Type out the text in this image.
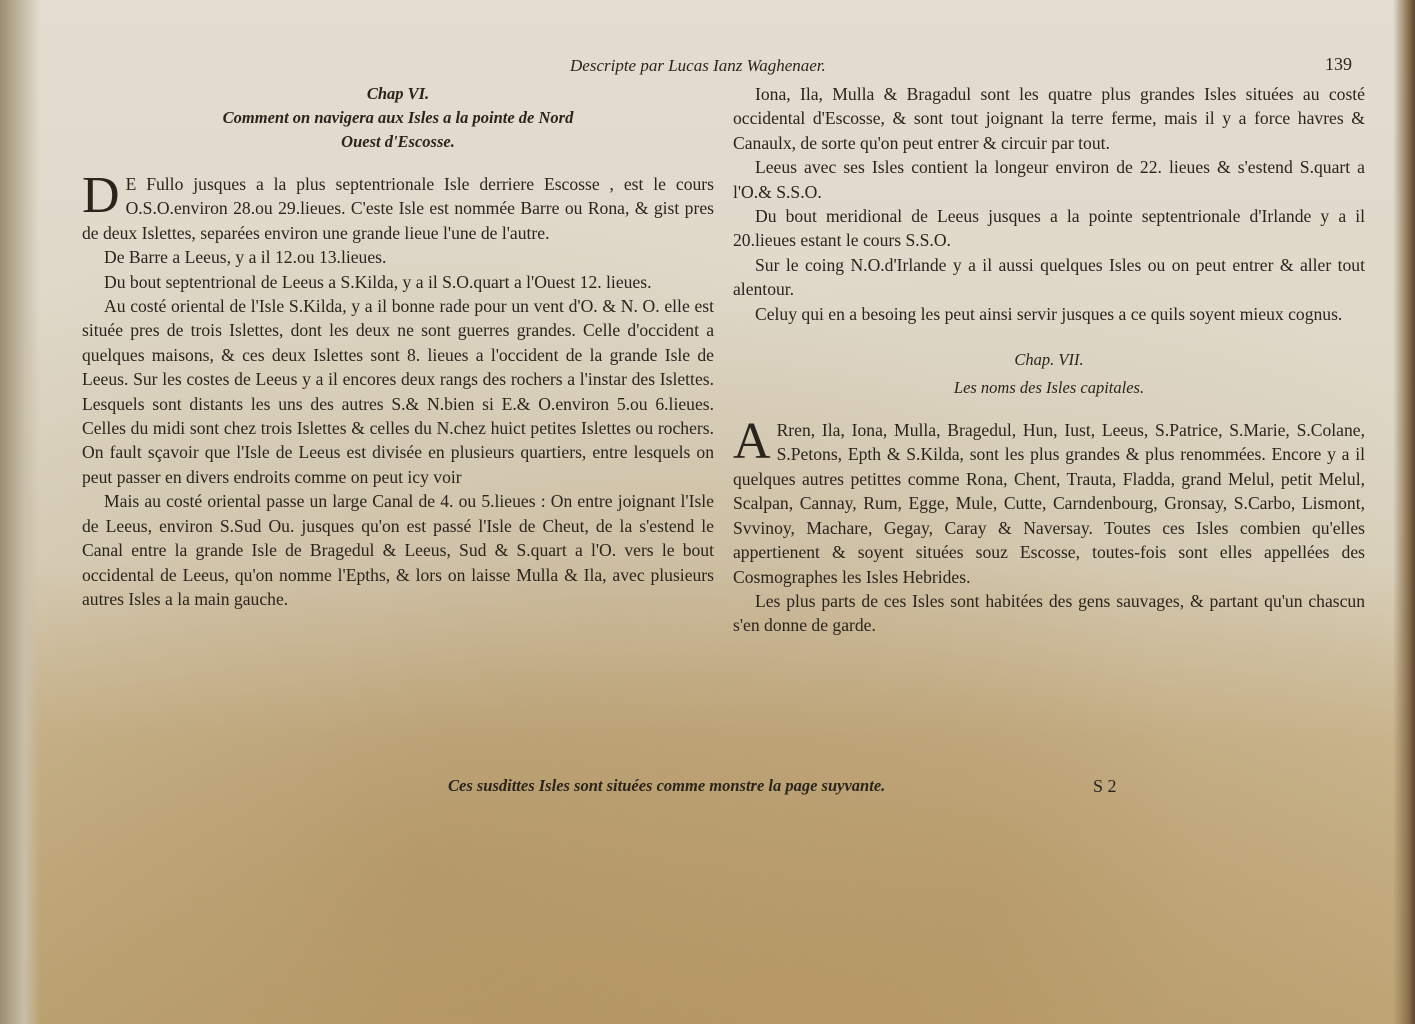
Descripte par Lucas Ianz Waghenaer.	139

Chap VI.

Comment on navigera aux Isles a la pointe de Nord

Ouest d'Escosse.

D E Fullo jusques a la plus septentrionale Isle derriere Escosse , est le cours O.S.O.environ 28.ou 29.lieues. C'este Isle est nommée Barre ou Rona, & gist pres de deux Islettes, separées environ une grande lieue l'une de l'autre.

De Barre a Leeus, y a il 12.ou 13.lieues.

Du bout septentrional de Leeus a S.Kilda, y a il S.O.quart a l'Ouest 12. lieues.

Au costé oriental de l'Isle S.Kilda, y a il bonne rade pour un vent d'O. & N. O. elle est située pres de trois Islettes, dont les deux ne sont guerres grandes. Celle d'occident a quelques maisons, & ces deux Islettes sont 8. lieues a l'occident de la grande Isle de Leeus. Sur les costes de Leeus y a il encores deux rangs des rochers a l'instar des Islettes. Lesquels sont distants les uns des autres S.& N.bien si E.& O.environ 5.ou 6.lieues. Celles du midi sont chez trois Islettes & celles du N.chez huict petites Islettes ou rochers. On fault sçavoir que l'Isle de Leeus est divisée en plusieurs quartiers, entre lesquels on peut passer en divers endroits comme on peut icy voir

Mais au costé oriental passe un large Canal de 4. ou 5.lieues : On entre joignant l'Isle de Leeus, environ S.Sud Ou. jusques qu'on est passé l'Isle de Cheut, de la s'estend le Canal entre la grande Isle de Bragedul & Leeus, Sud & S.quart a l'O. vers le bout occidental de Leeus, qu'on nomme l'Epths, & lors on laisse Mulla & Ila, avec plusieurs autres Isles a la main gauche.

Iona, Ila, Mulla & Bragadul sont les quatre plus grandes Isles situées au costé occidental d'Escosse, & sont tout joignant la terre ferme, mais il y a force havres & Canaulx, de sorte qu'on peut entrer & circuir par tout.

Leeus avec ses Isles contient la longeur environ de 22. lieues & s'estend S.quart a l'O.& S.S.O.

Du bout meridional de Leeus jusques a la pointe septentrionale d'Irlande y a il 20.lieues estant le cours S.S.O.

Sur le coing N.O.d'Irlande y a il aussi quelques Isles ou on peut entrer & aller tout alentour.

Celuy qui en a besoing les peut ainsi servir jusques a ce quils soyent mieux cognus.

Chap. VII.

Les noms des Isles capitales.

A Rren, Ila, Iona, Mulla, Bragedul, Hun, Iust, Leeus, S.Patrice, S.Marie, S.Colane, S.Petons, Epth & S.Kilda, sont les plus grandes & plus renommées. Encore y a il quelques autres petittes comme Rona, Chent, Trauta, Fladda, grand Melul, petit Melul, Scalpan, Cannay, Rum, Egge, Mule, Cutte, Carndenbourg, Gronsay, S.Carbo, Lismont, Svvinoy, Machare, Gegay, Caray & Naversay. Toutes ces Isles combien qu'elles appertienent & soyent situées souz Escosse, toutes-fois sont elles appellées des Cosmographes les Isles Hebrides.

Les plus parts de ces Isles sont habitées des gens sauvages, & partant qu'un chascun s'en donne de garde.

Ces susdittes Isles sont situées comme monstre la page suyvante.	S 2
